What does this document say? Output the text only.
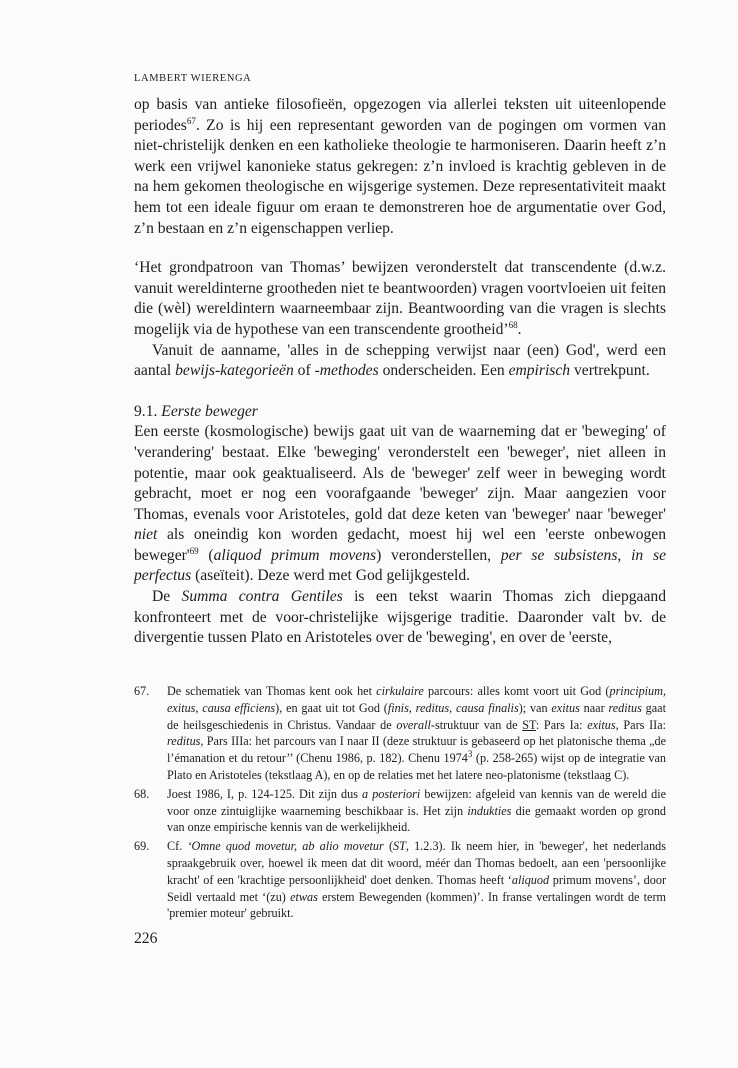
LAMBERT WIERENGA

op basis van antieke filosofieën, opgezogen via allerlei teksten uit uiteenlopende periodes$^{67}$. Zo is hij een representant geworden van de pogingen om vormen van niet-christelijk denken en een katholieke theologie te harmoniseren. Daarin heeft z’n werk een vrijwel kanonieke status gekregen: z’n invloed is krachtig gebleven in de na hem gekomen theologische en wijsgerige systemen. Deze representativiteit maakt hem tot een ideale figuur om eraan te demonstreren hoe de argumentatie over God, z’n bestaan en z’n eigenschappen verliep.

‘Het grondpatroon van Thomas’ bewijzen veronderstelt dat transcendente (d.w.z. vanuit wereldinterne grootheden niet te beantwoorden) vragen voortvloeien uit feiten die (wèl) wereldintern waarneembaar zijn. Beantwoording van die vragen is slechts mogelijk via de hypothese van een transcendente grootheid’$^{68}$.

Vanuit de aanname, 'alles in de schepping verwijst naar (een) God', werd een aantal bewijs-kategorieën of -methodes onderscheiden. Een empirisch vertrekpunt.

9.1. Eerste beweger

Een eerste (kosmologische) bewijs gaat uit van de waarneming dat er 'beweging' of 'verandering' bestaat. Elke 'beweging' veronderstelt een 'beweger', niet alleen in potentie, maar ook geaktualiseerd. Als de 'beweger' zelf weer in beweging wordt gebracht, moet er nog een voorafgaande 'beweger' zijn. Maar aangezien voor Thomas, evenals voor Aristoteles, gold dat deze keten van 'beweger' naar 'beweger' niet als oneindig kon worden gedacht, moest hij wel een 'eerste onbewogen $beweger'^{69}$ (aliquod primum movens) veronderstellen, per se subsistens, in se perfectus (aseïteit). Deze werd met God gelijkgesteld.

De Summa contra Gentiles is een tekst waarin Thomas zich diepgaand konfronteert met de voor-christelijke wijsgerige traditie. Daaronder valt bv. de divergentie tussen Plato en Aristoteles over de 'beweging', en over de 'eerste,

67.	De schematiek van Thomas kent ook het cirkulaire parcours: alles komt voort uit God (principium, exitus, causa efficiens), en gaat uit tot God (finis, reditus, causa finalis); van exitus naar reditus gaat de heilsgeschiedenis in Christus. Vandaar de overall-struktuur van de ST: Pars Ia: exitus, Pars IIa: reditus, Pars IIIa: het parcours van I naar II (deze struktuur is gebaseerd op het platonische thema „de l’émanation et du retour’’ (Chenu 1986, p. 182). Chenu 1974$^3$ (p. 258-265) wijst op de integratie van Plato en Aristoteles (tekstlaag A), en op de relaties met het latere neo-platonisme (tekstlaag C).
68.	Joest 1986, I, p. 124-125. Dit zijn dus a posteriori bewijzen: afgeleid van kennis van de wereld die voor onze zintuiglijke waarneming beschikbaar is. Het zijn indukties die gemaakt worden op grond van onze empirische kennis van de werkelijkheid.
69.	Cf. ‘Omne quod movetur, ab alio movetur (ST, 1.2.3). Ik neem hier, in 'beweger', het nederlands spraakgebruik over, hoewel ik meen dat dit woord, méér dan Thomas bedoelt, aan een 'persoonlijke kracht' of een 'krachtige persoonlijkheid' doet denken. Thomas heeft ‘aliquod primum movens’, door Seidl vertaald met ‘(zu) etwas erstem Bewegenden (kommen)’. In franse vertalingen wordt de term 'premier moteur' gebruikt.
226
